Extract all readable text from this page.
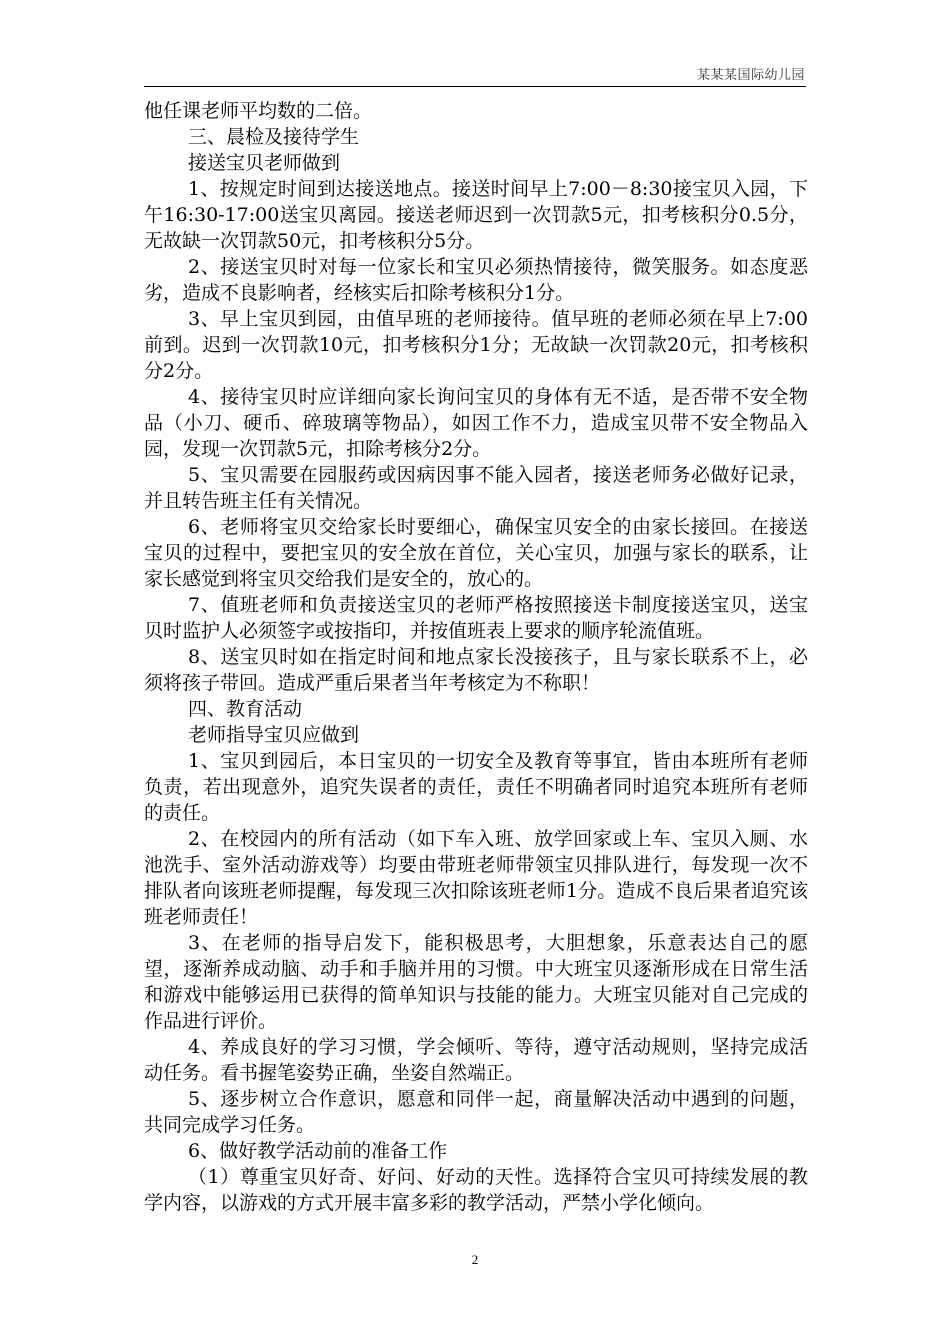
某某某国际幼儿园

他任课老师平均数的二倍。

三、晨检及接待学生

接送宝贝老师做到

1、按规定时间到达接送地点。接送时间早上7:00－8:30接宝贝入园，下午16:30-17:00送宝贝离园。接送老师迟到一次罚款5元，扣考核积分0.5分，无故缺一次罚款50元，扣考核积分5分。

2、接送宝贝时对每一位家长和宝贝必须热情接待，微笑服务。如态度恶劣，造成不良影响者，经核实后扣除考核积分1分。

3、早上宝贝到园，由值早班的老师接待。值早班的老师必须在早上7:00前到。迟到一次罚款10元，扣考核积分1分；无故缺一次罚款20元，扣考核积分2分。

4、接待宝贝时应详细向家长询问宝贝的身体有无不适，是否带不安全物品（小刀、硬币、碎玻璃等物品），如因工作不力，造成宝贝带不安全物品入园，发现一次罚款5元，扣除考核分2分。

5、宝贝需要在园服药或因病因事不能入园者，接送老师务必做好记录，并且转告班主任有关情况。

6、老师将宝贝交给家长时要细心，确保宝贝安全的由家长接回。在接送宝贝的过程中，要把宝贝的安全放在首位，关心宝贝，加强与家长的联系，让家长感觉到将宝贝交给我们是安全的，放心的。

7、值班老师和负责接送宝贝的老师严格按照接送卡制度接送宝贝，送宝贝时监护人必须签字或按指印，并按值班表上要求的顺序轮流值班。

8、送宝贝时如在指定时间和地点家长没接孩子，且与家长联系不上，必须将孩子带回。造成严重后果者当年考核定为不称职！

四、教育活动

老师指导宝贝应做到

1、宝贝到园后，本日宝贝的一切安全及教育等事宜，皆由本班所有老师负责，若出现意外，追究失误者的责任，责任不明确者同时追究本班所有老师的责任。

2、在校园内的所有活动（如下车入班、放学回家或上车、宝贝入厕、水池洗手、室外活动游戏等）均要由带班老师带领宝贝排队进行，每发现一次不排队者向该班老师提醒，每发现三次扣除该班老师1分。造成不良后果者追究该班老师责任！

3、在老师的指导启发下，能积极思考，大胆想象，乐意表达自己的愿望，逐渐养成动脑、动手和手脑并用的习惯。中大班宝贝逐渐形成在日常生活和游戏中能够运用已获得的简单知识与技能的能力。大班宝贝能对自己完成的作品进行评价。

4、养成良好的学习习惯，学会倾听、等待，遵守活动规则，坚持完成活动任务。看书握笔姿势正确，坐姿自然端正。

5、逐步树立合作意识，愿意和同伴一起，商量解决活动中遇到的问题，共同完成学习任务。

6、做好教学活动前的准备工作

（1）尊重宝贝好奇、好问、好动的天性。选择符合宝贝可持续发展的教学内容，以游戏的方式开展丰富多彩的教学活动，严禁小学化倾向。

2
